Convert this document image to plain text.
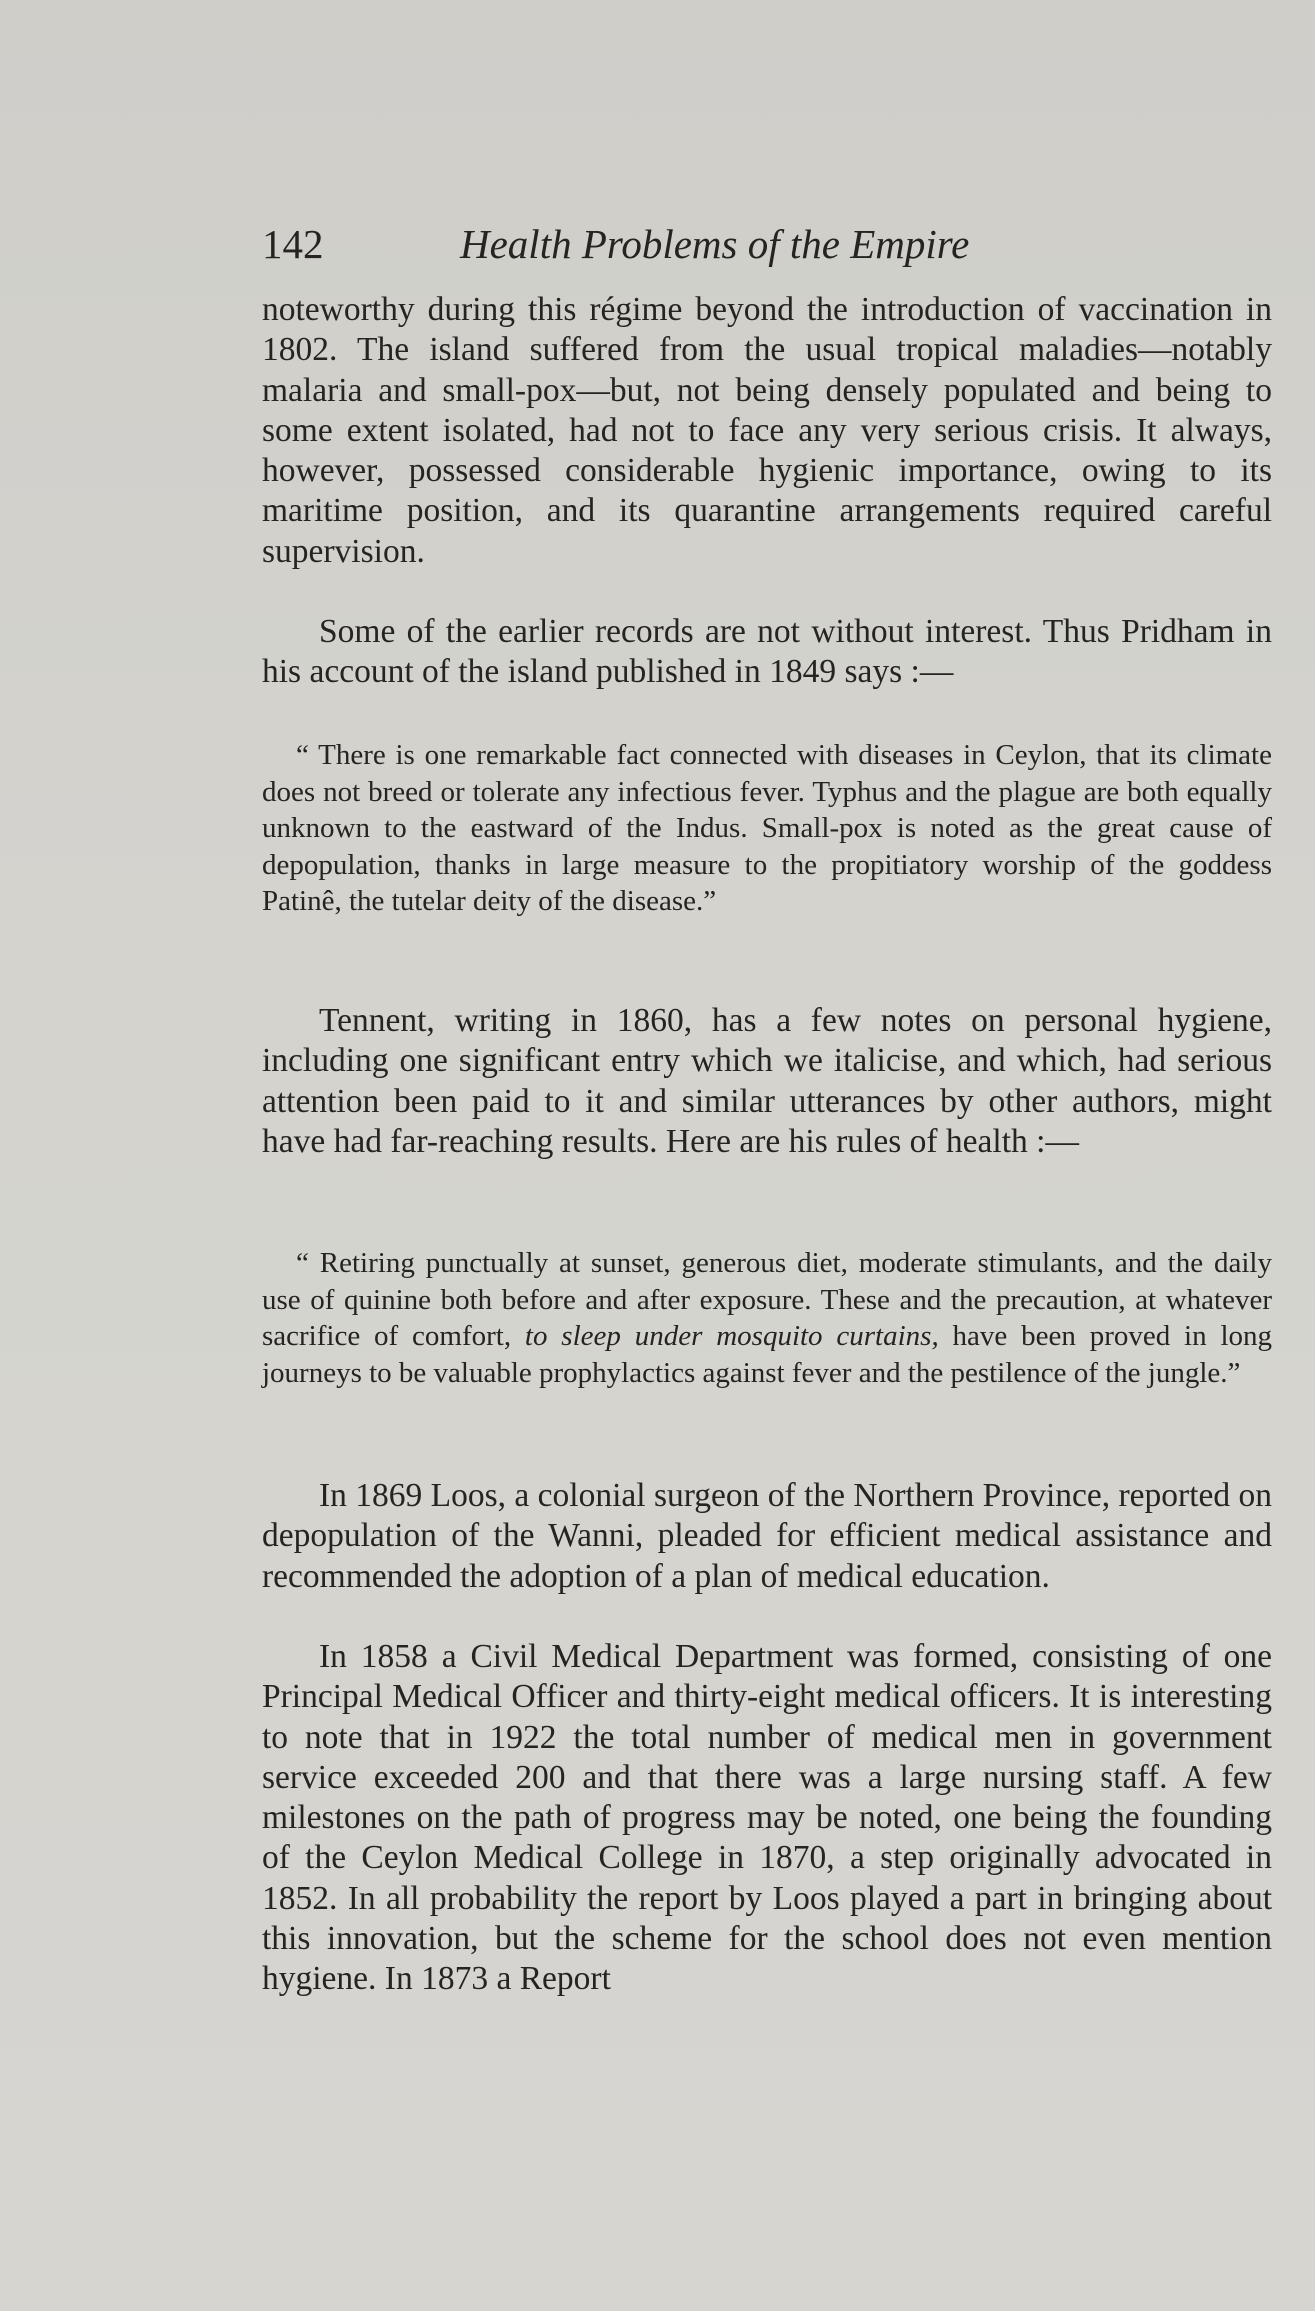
142	Health Problems of the Empire

noteworthy during this régime beyond the introduction of vaccination in 1802. The island suffered from the usual tropical maladies—notably malaria and small-pox—but, not being densely populated and being to some extent isolated, had not to face any very serious crisis. It always, however, possessed considerable hygienic importance, owing to its maritime position, and its quarantine arrangements required careful supervision.

Some of the earlier records are not without interest. Thus Pridham in his account of the island published in 1849 says :—

“ There is one remarkable fact connected with diseases in Ceylon, that its climate does not breed or tolerate any infectious fever. Typhus and the plague are both equally unknown to the eastward of the Indus. Small-pox is noted as the great cause of depopulation, thanks in large measure to the propitiatory worship of the goddess Patinê, the tutelar deity of the disease.”

Tennent, writing in 1860, has a few notes on personal hygiene, including one significant entry which we italicise, and which, had serious attention been paid to it and similar utterances by other authors, might have had far-reaching results. Here are his rules of health :—

“ Retiring punctually at sunset, generous diet, moderate stimulants, and the daily use of quinine both before and after exposure. These and the precaution, at whatever sacrifice of comfort, to sleep under mosquito curtains, have been proved in long journeys to be valuable prophylactics against fever and the pestilence of the jungle.”

In 1869 Loos, a colonial surgeon of the Northern Province, reported on depopulation of the Wanni, pleaded for efficient medical assistance and recommended the adoption of a plan of medical education.

In 1858 a Civil Medical Department was formed, consisting of one Principal Medical Officer and thirty-eight medical officers. It is interesting to note that in 1922 the total number of medical men in government service exceeded 200 and that there was a large nursing staff. A few milestones on the path of progress may be noted, one being the founding of the Ceylon Medical College in 1870, a step originally advocated in 1852. In all probability the report by Loos played a part in bringing about this innovation, but the scheme for the school does not even mention hygiene. In 1873 a Report
